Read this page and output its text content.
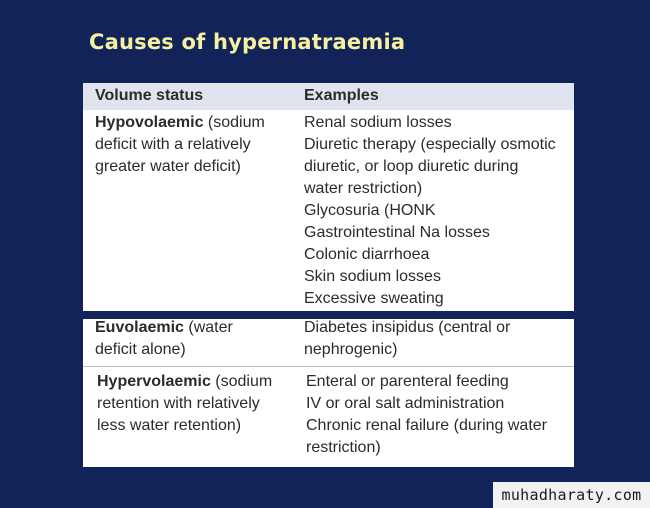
Causes of hypernatraemia
Volume status	Examples
Hypovolaemic (sodium
deficit with a relatively
greater water deficit)
Renal sodium losses
Diuretic therapy (especially osmotic
diuretic, or loop diuretic during
water restriction)
Glycosuria (HONK
Gastrointestinal Na losses
Colonic diarrhoea
Skin sodium losses
Excessive sweating
Euvolaemic (water
deficit alone)
Diabetes insipidus (central or
nephrogenic)
Hypervolaemic (sodium
retention with relatively
less water retention)
Enteral or parenteral feeding
IV or oral salt administration
Chronic renal failure (during water
restriction)
muhadharaty.com
